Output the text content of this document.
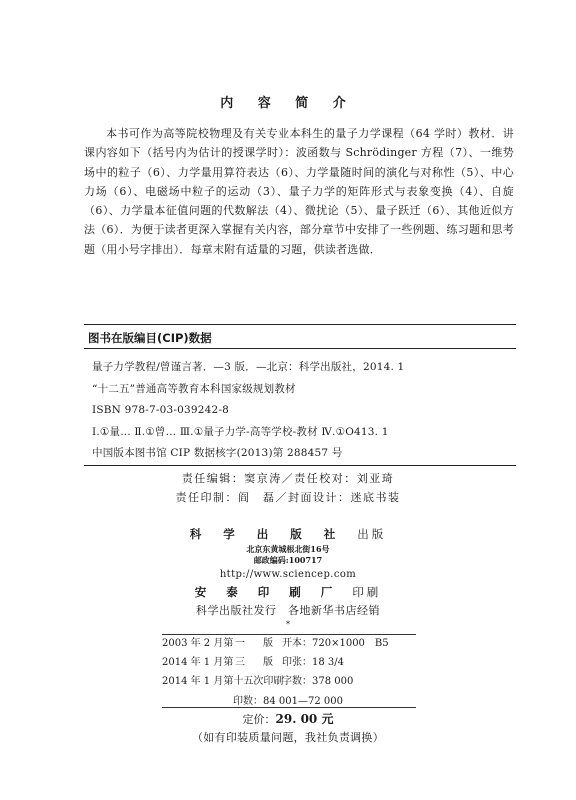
内 容 简 介

本书可作为高等院校物理及有关专业本科生的量子力学课程（64 学时）教材．讲课内容如下（括号内为估计的授课学时）：波函数与 Schrödinger 方程（7）、一维势场中的粒子（6）、力学量用算符表达（6）、力学量随时间的演化与对称性（5）、中心力场（6）、电磁场中粒子的运动（3）、量子力学的矩阵形式与表象变换（4）、自旋（6）、力学量本征值问题的代数解法（4）、微扰论（5）、量子跃迁（6）、其他近似方法（6）．为便于读者更深入掌握有关内容，部分章节中安排了一些例题、练习题和思考题（用小号字排出）．每章末附有适量的习题，供读者选做．

图书在版编目(CIP)数据
量子力学教程/曾谨言著．—3 版．—北京：科学出版社，2014. 1
“十二五”普通高等教育本科国家级规划教材
ISBN 978-7-03-039242-8
Ⅰ.①量… Ⅱ.①曾… Ⅲ.①量子力学-高等学校-教材 Ⅳ.①O413. 1
中国版本图书馆 CIP 数据核字(2013)第 288457 号
责任编辑：窦京涛／责任校对：刘亚琦
责任印制：阎　磊／封面设计：迷底书装
科 学 出 版 社 出版
北京东黄城根北街16号
邮政编码:100717
http://www.sciencep.com
安 泰 印 刷 厂 印刷
科学出版社发行　各地新华书店经销
*
2003 年 2 月第 一 版 开本：720×1000　B5
2014 年 1 月第 三 版 印张：18 3/4
2014 年 1 月第十五次印刷字数：378 000
印数：84 001—72 000
定价：29. 00 元
（如有印装质量问题，我社负责调换）
